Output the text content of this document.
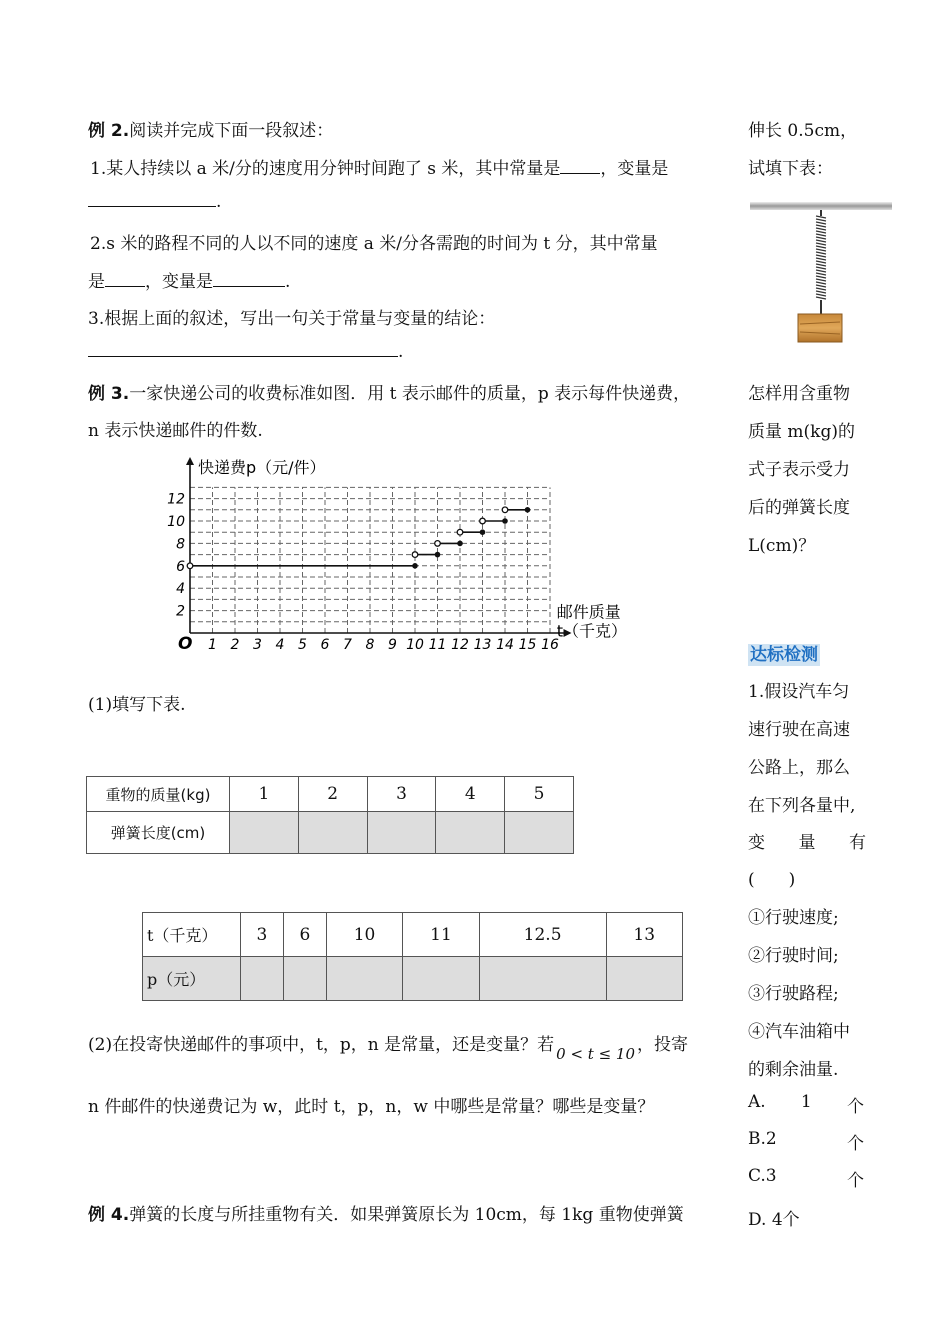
例 2.阅读并完成下面一段叙述：
1.某人持续以 a 米/分的速度用分钟时间跑了 s 米，其中常量是 ，变量是
.
2.s 米的路程不同的人以不同的速度 a 米/分各需跑的时间为 t 分，其中常量
是 ，变量是	.
3.根据上面的叙述，写出一句关于常量与变量的结论：
.
例 3.一家快递公司的收费标准如图．用 t 表示邮件的质量，p 表示每件快递费，
n 表示快递邮件的件数.
1 2 3 4 5 6 7 8 9 10 11 12 13 14 15 16
2
4
6
8
10
12
O
快递费p（元/件）
邮件质量
t（千克）
(1)填写下表.
重物的质量(kg)	1	2	3	4	5
弹簧长度(cm)					
t（千克）	3	6	10	11	12.5	13
p（元）						
(2)在投寄快递邮件的事项中，t，p，n 是常量，还是变量？若 0 < t ≤ 10 ，投寄
n 件邮件的快递费记为 w，此时 t，p，n，w 中哪些是常量？哪些是变量？
例 4.弹簧的长度与所挂重物有关．如果弹簧原长为 10cm，每 1kg 重物使弹簧
伸长 0.5cm，
试填下表：
怎样用含重物
质量 m(kg)的
式子表示受力
后的弹簧长度
L(cm)？
达标检测
1.假设汽车匀
速行驶在高速
公路上，那么
在下列各量中,
变 量 有
(　　)
①行驶速度;
②行驶时间;
③行驶路程;
④汽车油箱中
的剩余油量.
A. 1 个
B.2	个
C.3	个
D. 4个
